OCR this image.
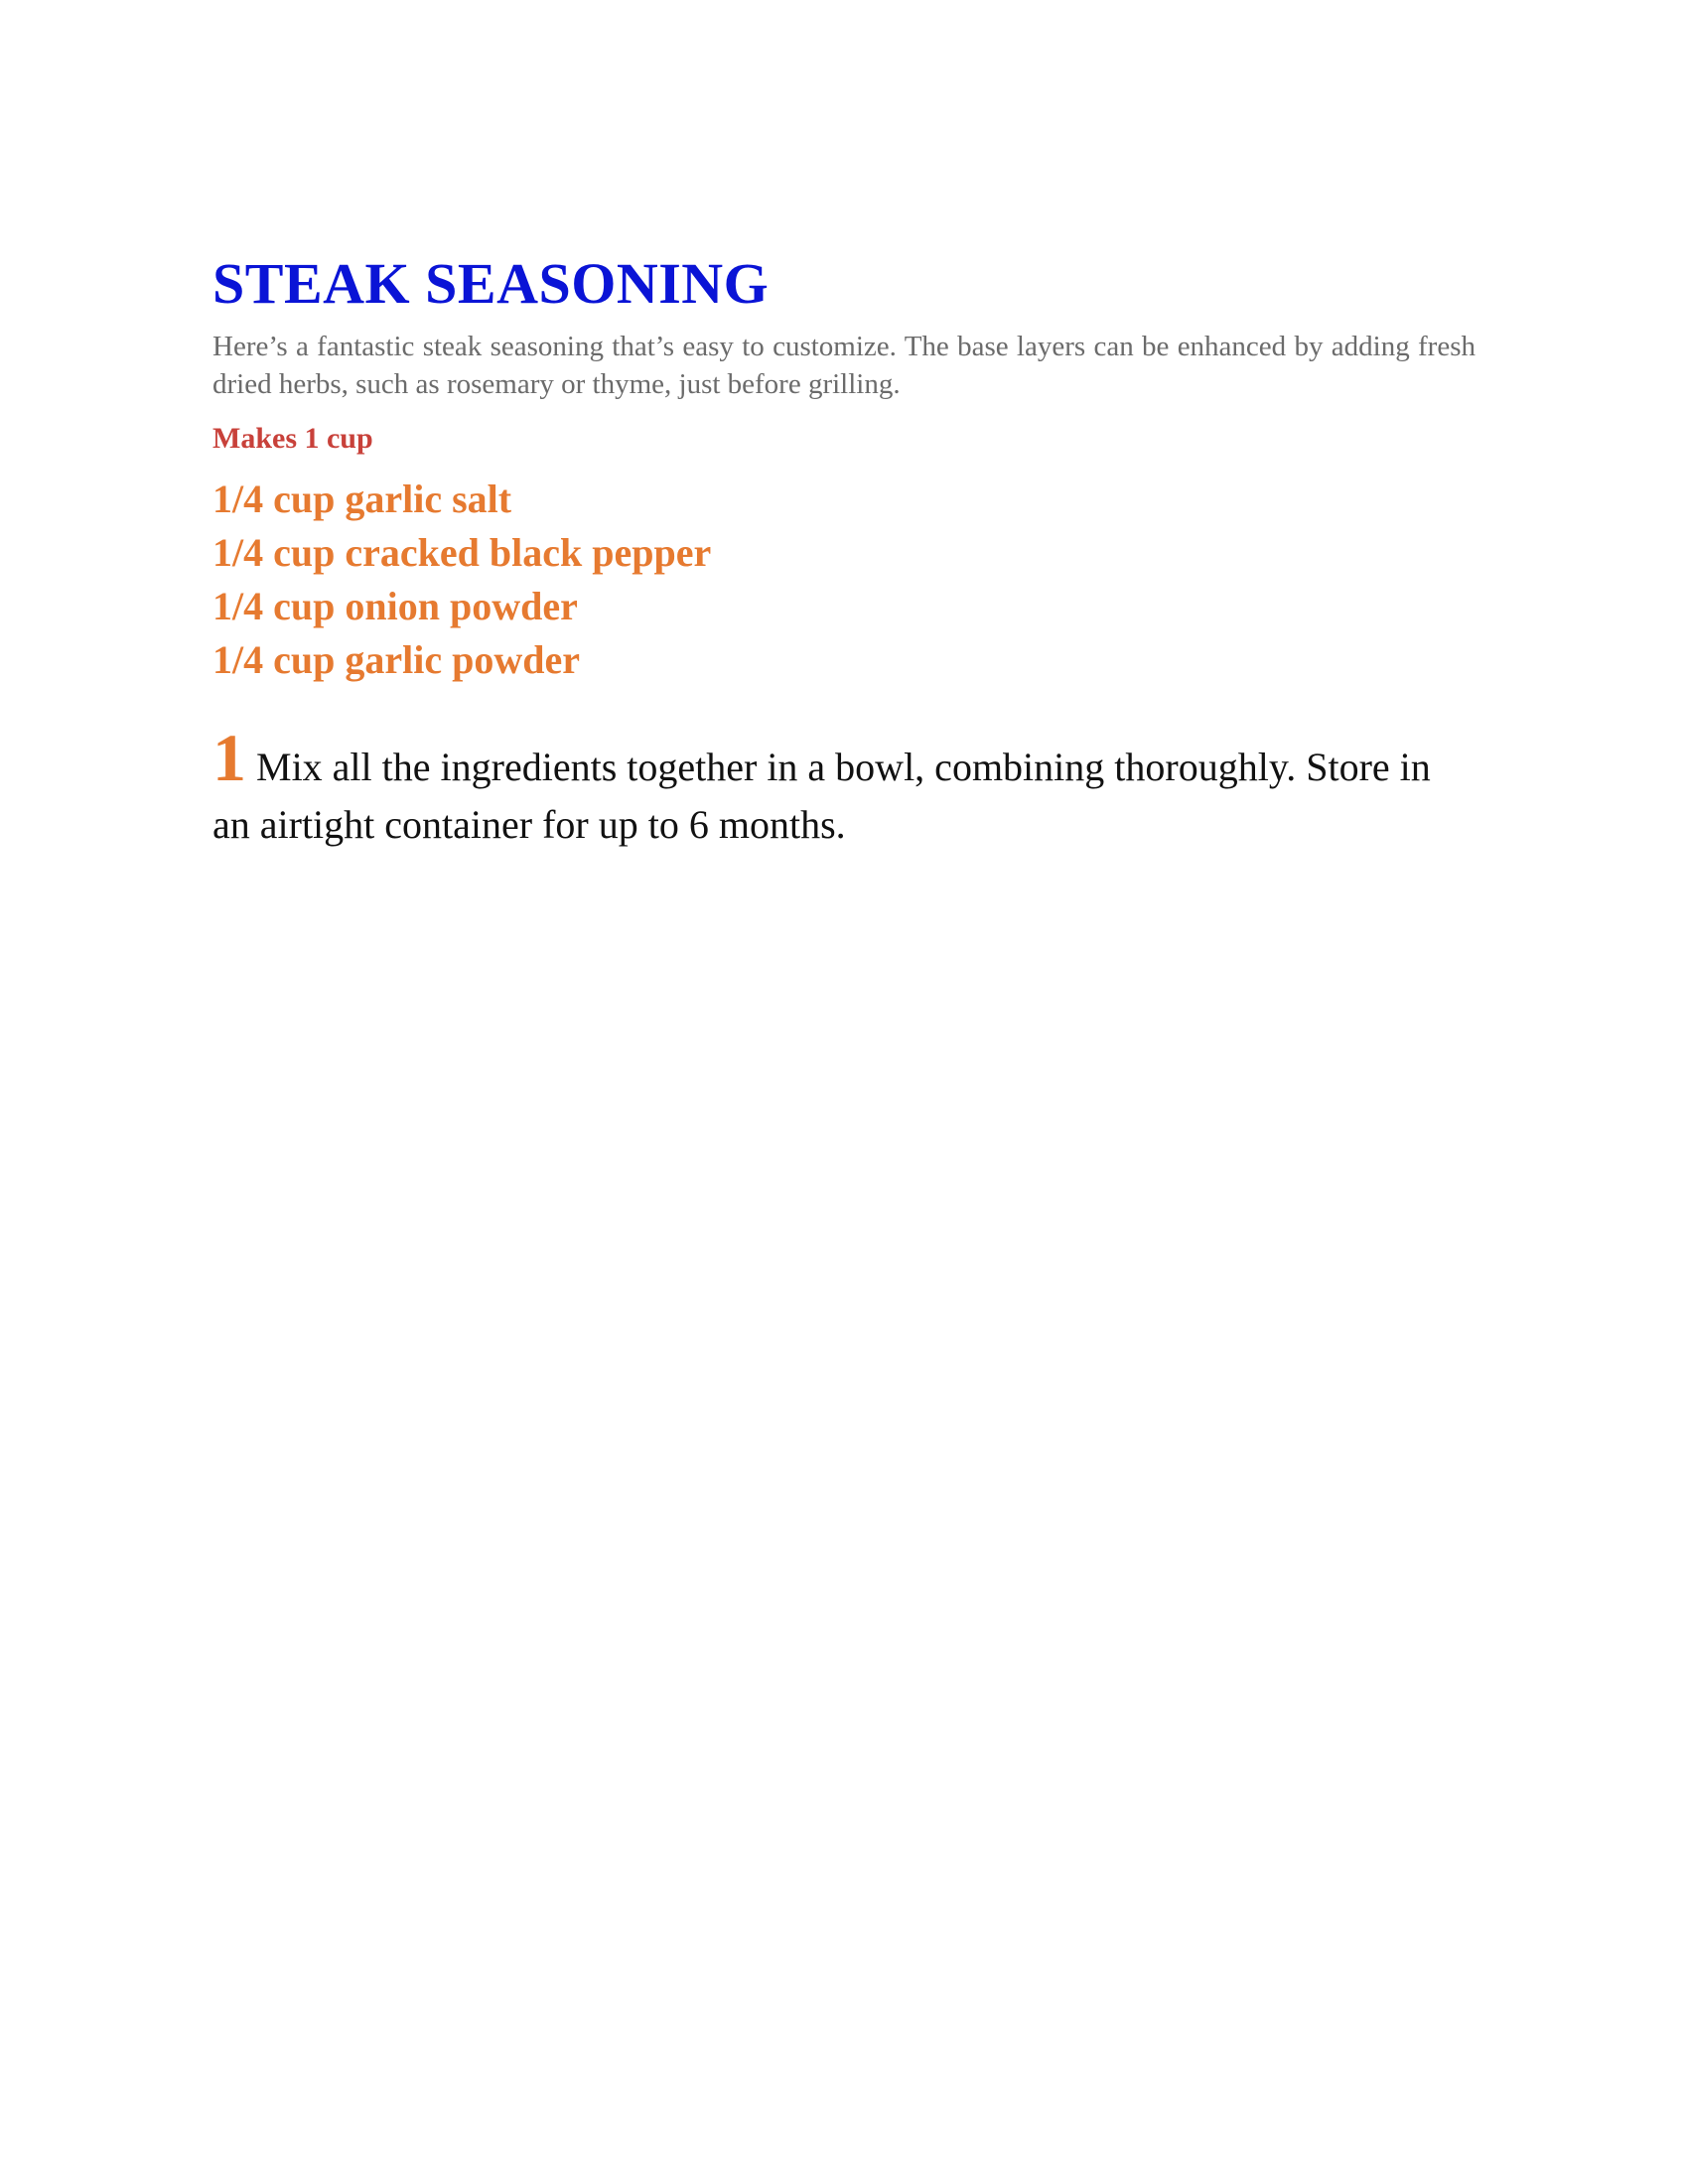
STEAK SEASONING

Here’s a fantastic steak seasoning that’s easy to customize. The base layers can be enhanced by adding fresh dried herbs, such as rosemary or thyme, just before grilling.

Makes 1 cup

1/4 cup garlic salt
1/4 cup cracked black pepper
1/4 cup onion powder
1/4 cup garlic powder
1 Mix all the ingredients together in a bowl, combining thoroughly. Store in an airtight container for up to 6 months.
